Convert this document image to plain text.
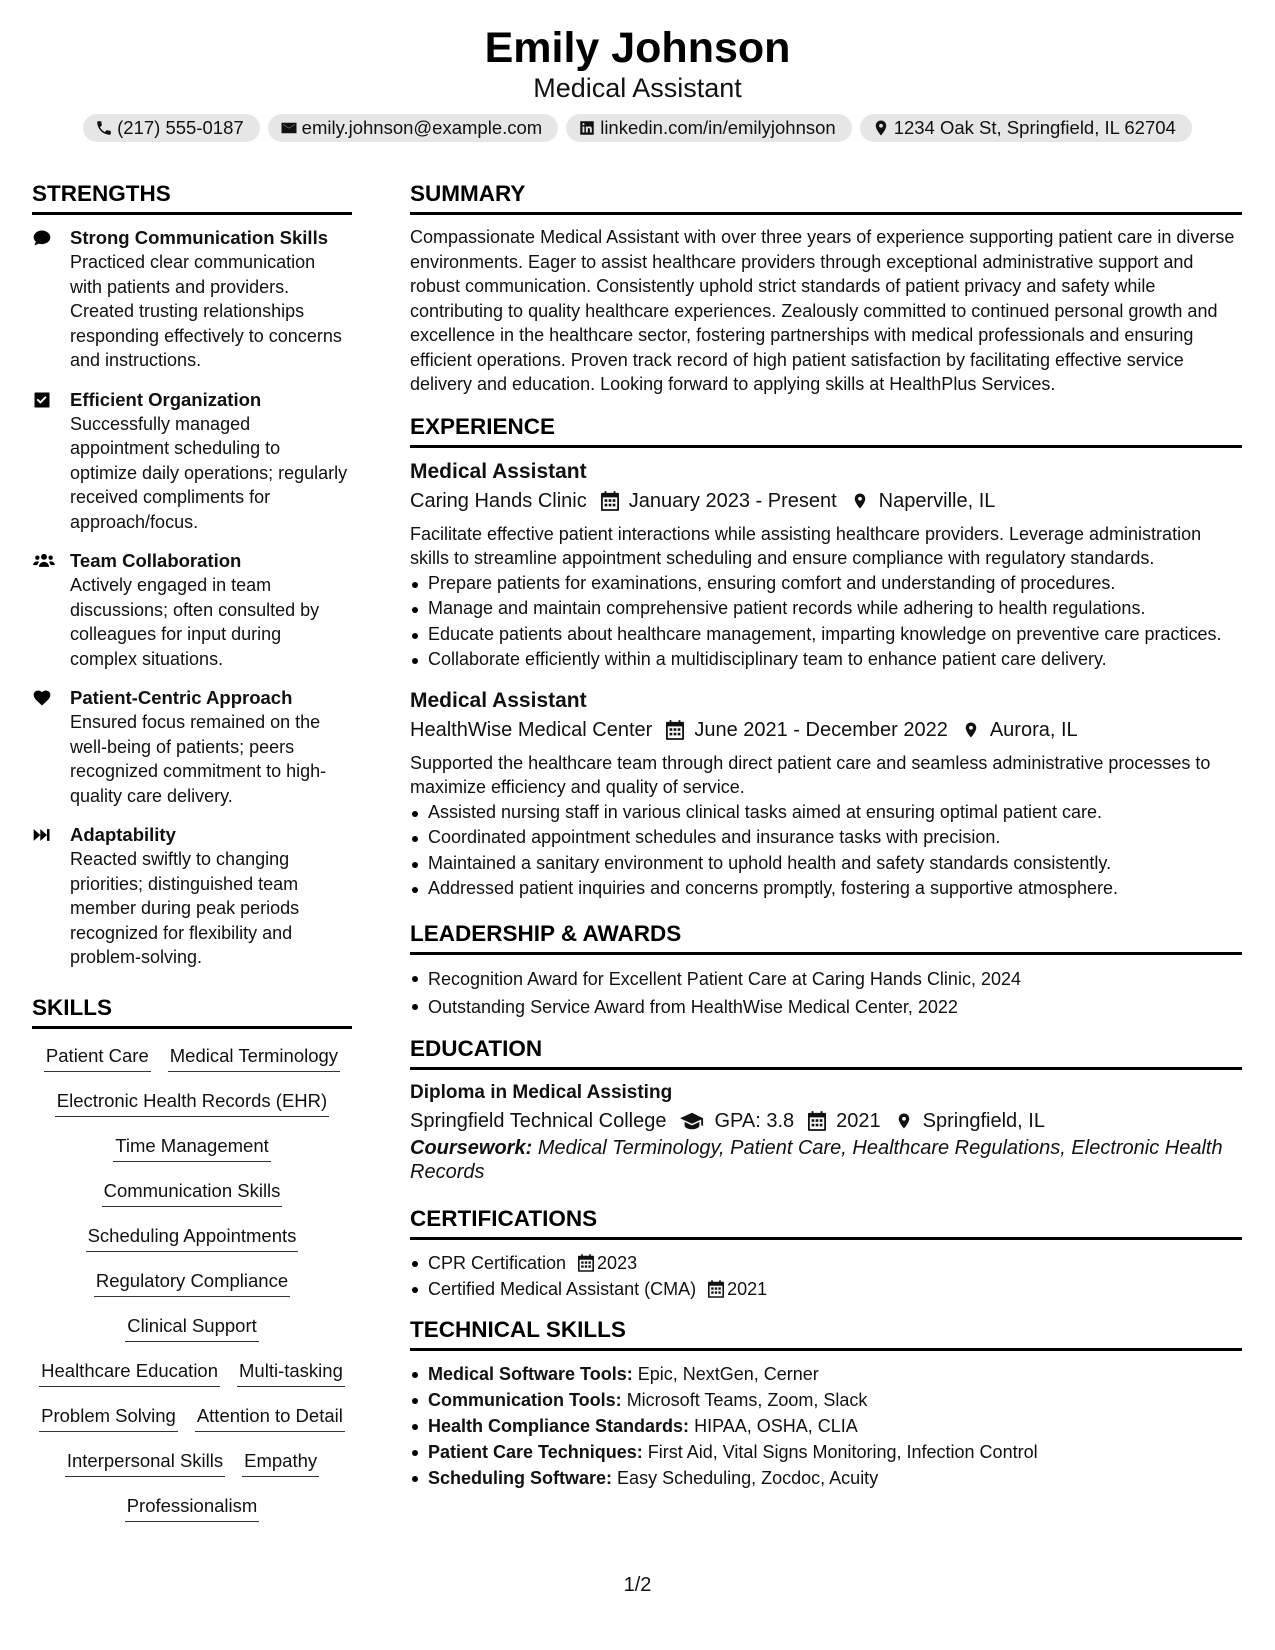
Emily Johnson
Medical Assistant
(217) 555-0187	emily.johnson@example.com	linkedin.com/in/emilyjohnson	1234 Oak St, Springfield, IL 62704
STRENGTHS
Strong Communication Skills
Practiced clear communication with patients and providers. Created trusting relationships responding effectively to concerns and instructions.
Efficient Organization
Successfully managed appointment scheduling to optimize daily operations; regularly received compliments for approach/focus.
Team Collaboration
Actively engaged in team discussions; often consulted by colleagues for input during complex situations.
Patient-Centric Approach
Ensured focus remained on the well-being of patients; peers recognized commitment to high-quality care delivery.
Adaptability
Reacted swiftly to changing priorities; distinguished team member during peak periods recognized for flexibility and problem-solving.
SKILLS
Patient Care Medical Terminology
Electronic Health Records (EHR)
Time Management
Communication Skills
Scheduling Appointments
Regulatory Compliance
Clinical Support
Healthcare Education Multi-tasking
Problem Solving Attention to Detail
Interpersonal Skills Empathy
Professionalism
SUMMARY
Compassionate Medical Assistant with over three years of experience supporting patient care in diverse environments. Eager to assist healthcare providers through exceptional administrative support and robust communication. Consistently uphold strict standards of patient privacy and safety while contributing to quality healthcare experiences. Zealously committed to continued personal growth and excellence in the healthcare sector, fostering partnerships with medical professionals and ensuring efficient operations. Proven track record of high patient satisfaction by facilitating effective service delivery and education. Looking forward to applying skills at HealthPlus Services.
EXPERIENCE
Medical Assistant
Caring Hands Clinic January 2023 - Present Naperville, IL
Facilitate effective patient interactions while assisting healthcare providers. Leverage administration skills to streamline appointment scheduling and ensure compliance with regulatory standards.
Prepare patients for examinations, ensuring comfort and understanding of procedures.
Manage and maintain comprehensive patient records while adhering to health regulations.
Educate patients about healthcare management, imparting knowledge on preventive care practices.
Collaborate efficiently within a multidisciplinary team to enhance patient care delivery.
Medical Assistant
HealthWise Medical Center June 2021 - December 2022 Aurora, IL
Supported the healthcare team through direct patient care and seamless administrative processes to maximize efficiency and quality of service.
Assisted nursing staff in various clinical tasks aimed at ensuring optimal patient care.
Coordinated appointment schedules and insurance tasks with precision.
Maintained a sanitary environment to uphold health and safety standards consistently.
Addressed patient inquiries and concerns promptly, fostering a supportive atmosphere.
LEADERSHIP & AWARDS
Recognition Award for Excellent Patient Care at Caring Hands Clinic, 2024
Outstanding Service Award from HealthWise Medical Center, 2022
EDUCATION
Diploma in Medical Assisting
Springfield Technical College GPA: 3.8 2021 Springfield, IL
Coursework: Medical Terminology, Patient Care, Healthcare Regulations, Electronic Health Records
CERTIFICATIONS
CPR Certification 2023
Certified Medical Assistant (CMA) 2021
TECHNICAL SKILLS
Medical Software Tools: Epic, NextGen, Cerner
Communication Tools: Microsoft Teams, Zoom, Slack
Health Compliance Standards: HIPAA, OSHA, CLIA
Patient Care Techniques: First Aid, Vital Signs Monitoring, Infection Control
Scheduling Software: Easy Scheduling, Zocdoc, Acuity
1/2
